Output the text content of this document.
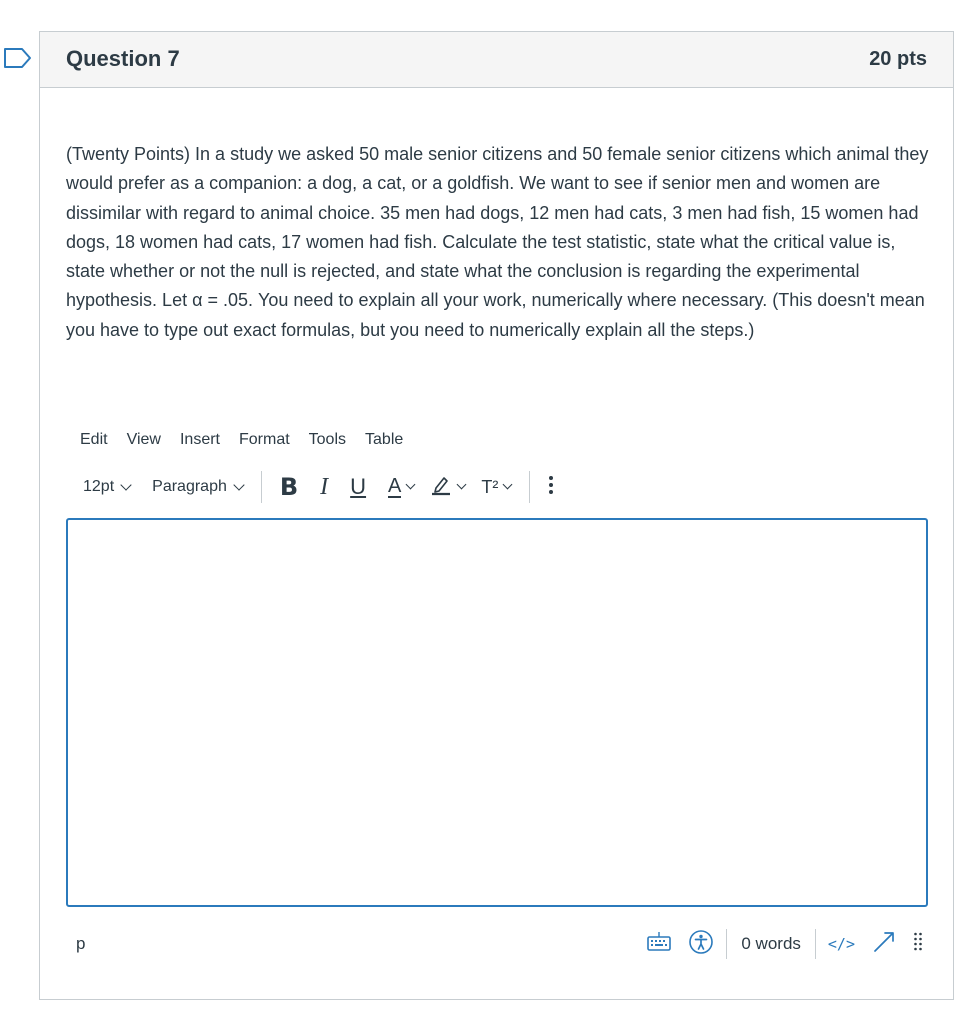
Question 7	20 pts
(Twenty Points) In a study we asked 50 male senior citizens and 50 female senior citizens which animal they would prefer as a companion: a dog, a cat, or a goldfish. We want to see if senior men and women are dissimilar with regard to animal choice. 35 men had dogs, 12 men had cats, 3 men had fish, 15 women had dogs, 18 women had cats, 17 women had fish. Calculate the test statistic, state what the critical value is, state whether or not the null is rejected, and state what the conclusion is regarding the experimental hypothesis. Let α = .05. You need to explain all your work, numerically where necessary. (This doesn't mean you have to type out exact formulas, but you need to numerically explain all the steps.)
Edit	View	Insert	Format	Tools	Table
12pt Paragraph B I U A	T²
p	0 words	</>
